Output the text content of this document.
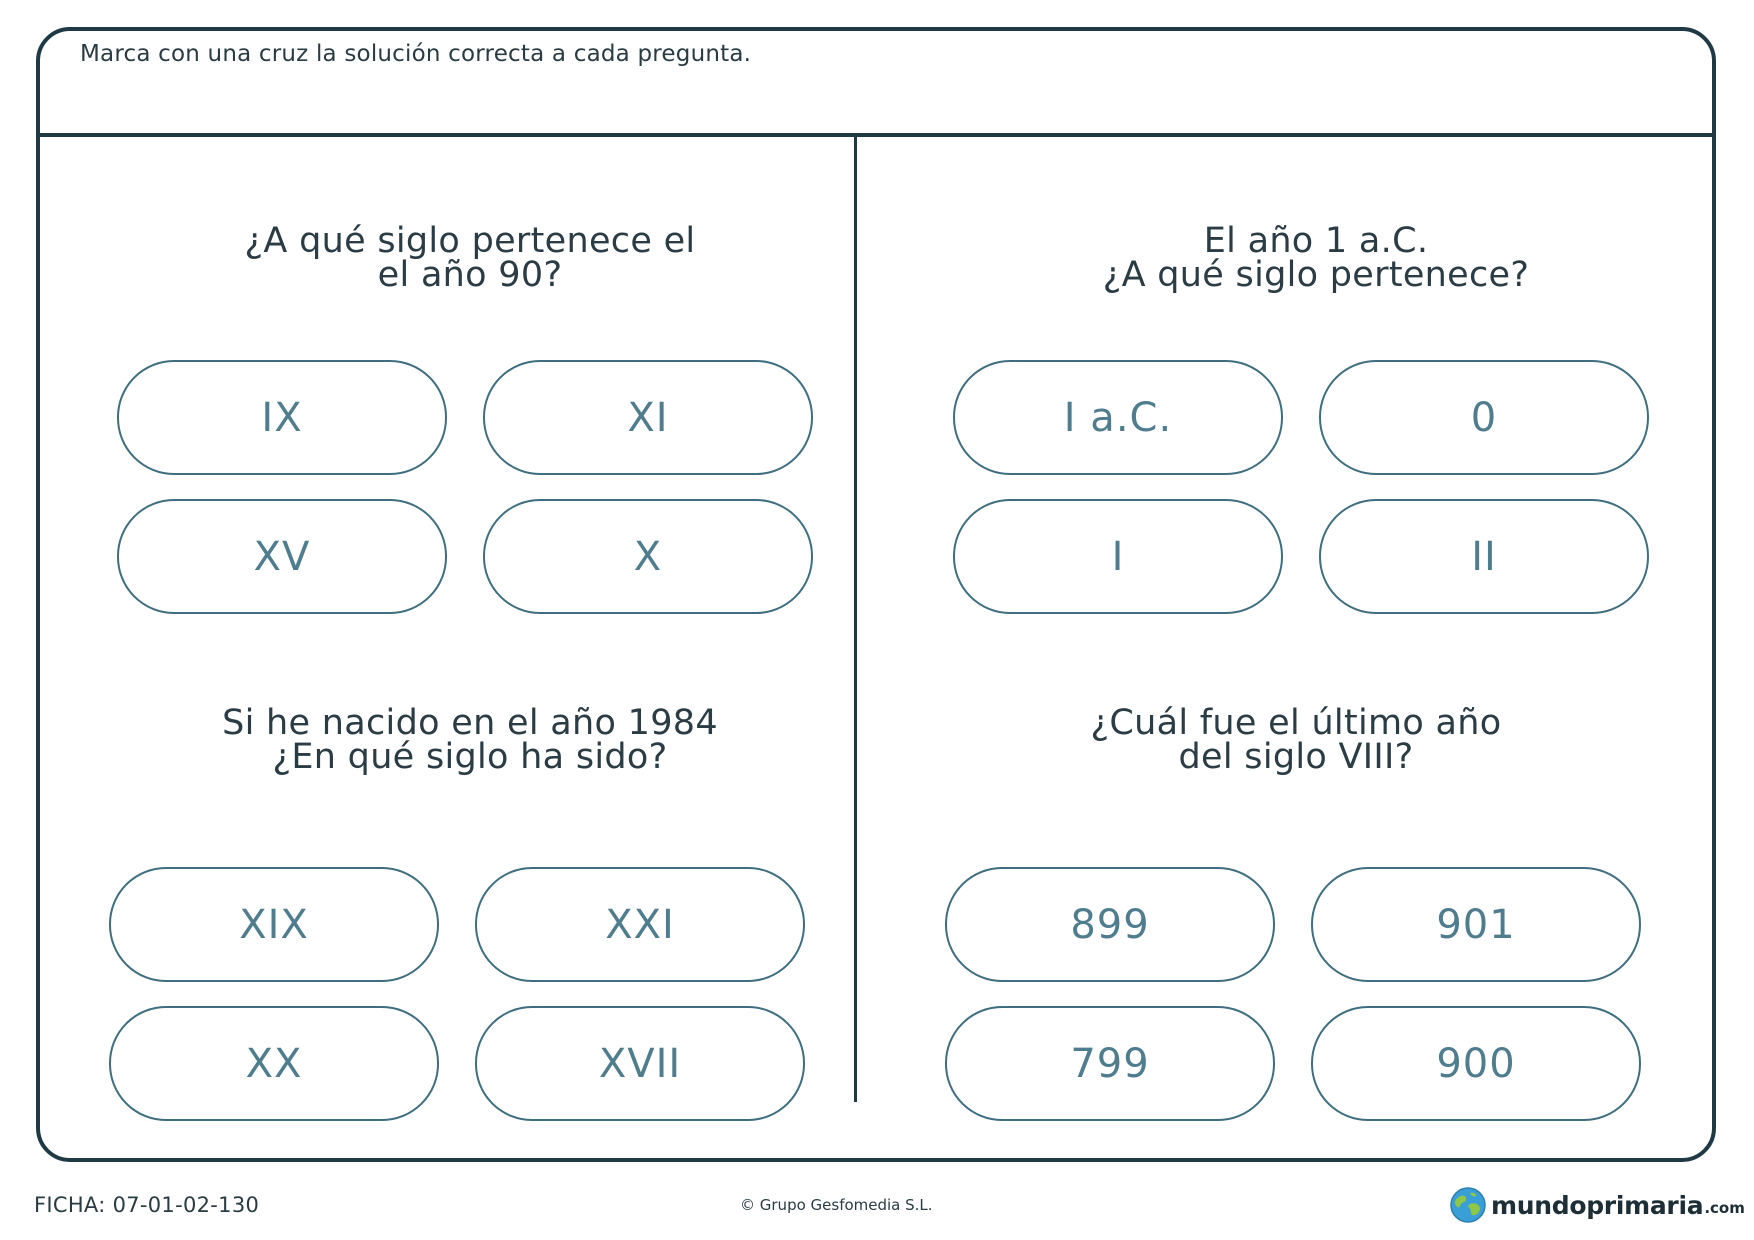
Marca con una cruz la solución correcta a cada pregunta.
¿A qué siglo pertenece el
el año 90?
IX	XI
XV	X
El año 1 a.C.
¿A qué siglo pertenece?
I a.C.	0
I	II
Si he nacido en el año 1984
¿En qué siglo ha sido?
XIX	XXI
XX	XVII
¿Cuál fue el último año
del siglo VIII?
899	901
799	900
FICHA: 07-01-02-130	© Grupo Gesfomedia S.L.	mundoprimaria .com
